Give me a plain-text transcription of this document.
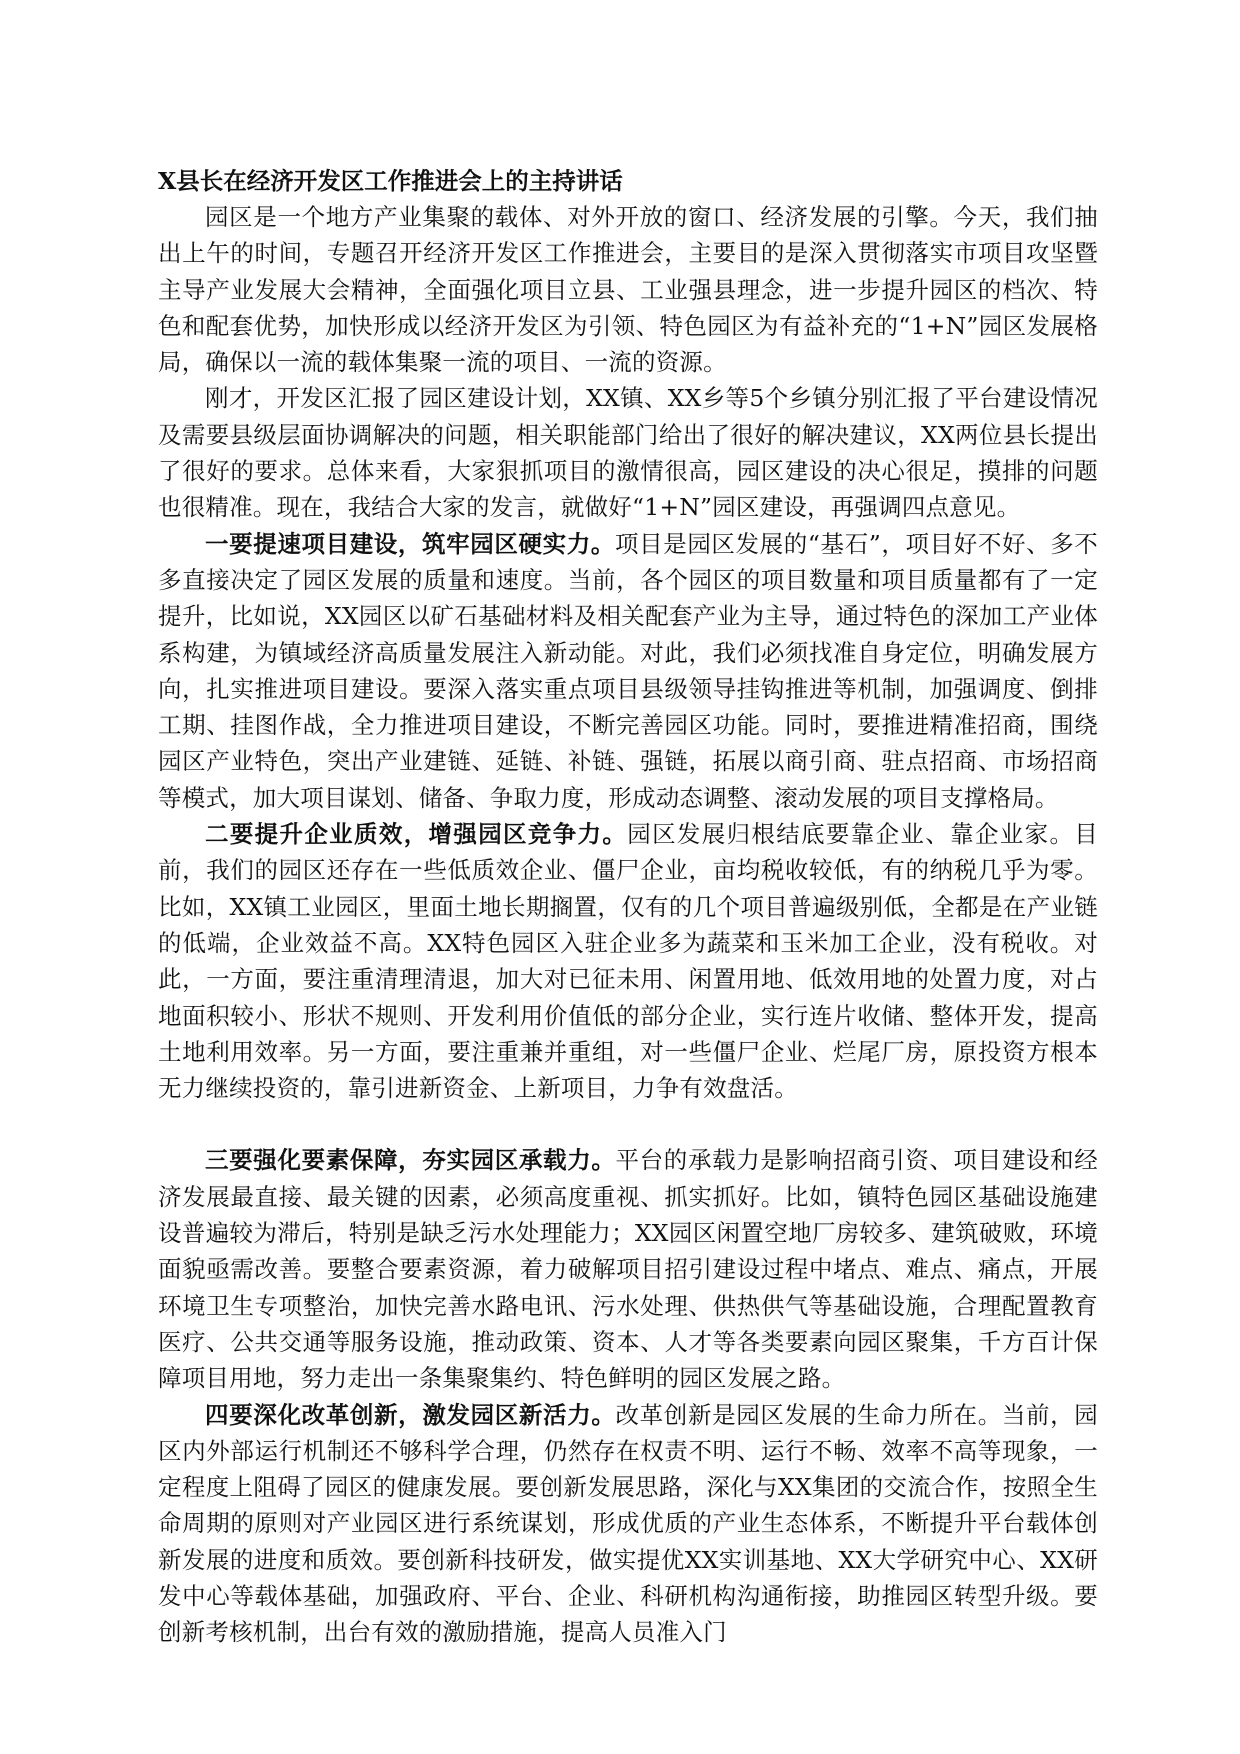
X县长在经济开发区工作推进会上的主持讲话

园区是一个地方产业集聚的载体、对外开放的窗口、经济发展的引擎。今天，我们抽出上午的时间，专题召开经济开发区工作推进会，主要目的是深入贯彻落实市项目攻坚暨主导产业发展大会精神，全面强化项目立县、工业强县理念，进一步提升园区的档次、特色和配套优势，加快形成以经济开发区为引领、特色园区为有益补充的“1+N”园区发展格局，确保以一流的载体集聚一流的项目、一流的资源。

刚才，开发区汇报了园区建设计划，XX镇、XX乡等5个乡镇分别汇报了平台建设情况及需要县级层面协调解决的问题，相关职能部门给出了很好的解决建议，XX两位县长提出了很好的要求。总体来看，大家狠抓项目的激情很高，园区建设的决心很足，摸排的问题也很精准。现在，我结合大家的发言，就做好“1+N”园区建设，再强调四点意见。

一要提速项目建设，筑牢园区硬实力。项目是园区发展的“基石”，项目好不好、多不多直接决定了园区发展的质量和速度。当前，各个园区的项目数量和项目质量都有了一定提升，比如说，XX园区以矿石基础材料及相关配套产业为主导，通过特色的深加工产业体系构建，为镇域经济高质量发展注入新动能。对此，我们必须找准自身定位，明确发展方向，扎实推进项目建设。要深入落实重点项目县级领导挂钩推进等机制，加强调度、倒排工期、挂图作战，全力推进项目建设，不断完善园区功能。同时，要推进精准招商，围绕园区产业特色，突出产业建链、延链、补链、强链，拓展以商引商、驻点招商、市场招商等模式，加大项目谋划、储备、争取力度，形成动态调整、滚动发展的项目支撑格局。

二要提升企业质效，增强园区竞争力。园区发展归根结底要靠企业、靠企业家。目前，我们的园区还存在一些低质效企业、僵尸企业，亩均税收较低，有的纳税几乎为零。比如，XX镇工业园区，里面土地长期搁置，仅有的几个项目普遍级别低，全都是在产业链的低端，企业效益不高。XX特色园区入驻企业多为蔬菜和玉米加工企业，没有税收。对此，一方面，要注重清理清退，加大对已征未用、闲置用地、低效用地的处置力度，对占地面积较小、形状不规则、开发利用价值低的部分企业，实行连片收储、整体开发，提高土地利用效率。另一方面，要注重兼并重组，对一些僵尸企业、烂尾厂房，原投资方根本无力继续投资的，靠引进新资金、上新项目，力争有效盘活。

三要强化要素保障，夯实园区承载力。平台的承载力是影响招商引资、项目建设和经济发展最直接、最关键的因素，必须高度重视、抓实抓好。比如，镇特色园区基础设施建设普遍较为滞后，特别是缺乏污水处理能力；XX园区闲置空地厂房较多、建筑破败，环境面貌亟需改善。要整合要素资源，着力破解项目招引建设过程中堵点、难点、痛点，开展环境卫生专项整治，加快完善水路电讯、污水处理、供热供气等基础设施，合理配置教育医疗、公共交通等服务设施，推动政策、资本、人才等各类要素向园区聚集，千方百计保障项目用地，努力走出一条集聚集约、特色鲜明的园区发展之路。

四要深化改革创新，激发园区新活力。改革创新是园区发展的生命力所在。当前，园区内外部运行机制还不够科学合理，仍然存在权责不明、运行不畅、效率不高等现象，一定程度上阻碍了园区的健康发展。要创新发展思路，深化与XX集团的交流合作，按照全生命周期的原则对产业园区进行系统谋划，形成优质的产业生态体系，不断提升平台载体创新发展的进度和质效。要创新科技研发，做实提优XX实训基地、XX大学研究中心、XX研发中心等载体基础，加强政府、平台、企业、科研机构沟通衔接，助推园区转型升级。要创新考核机制，出台有效的激励措施，提高人员准入门
